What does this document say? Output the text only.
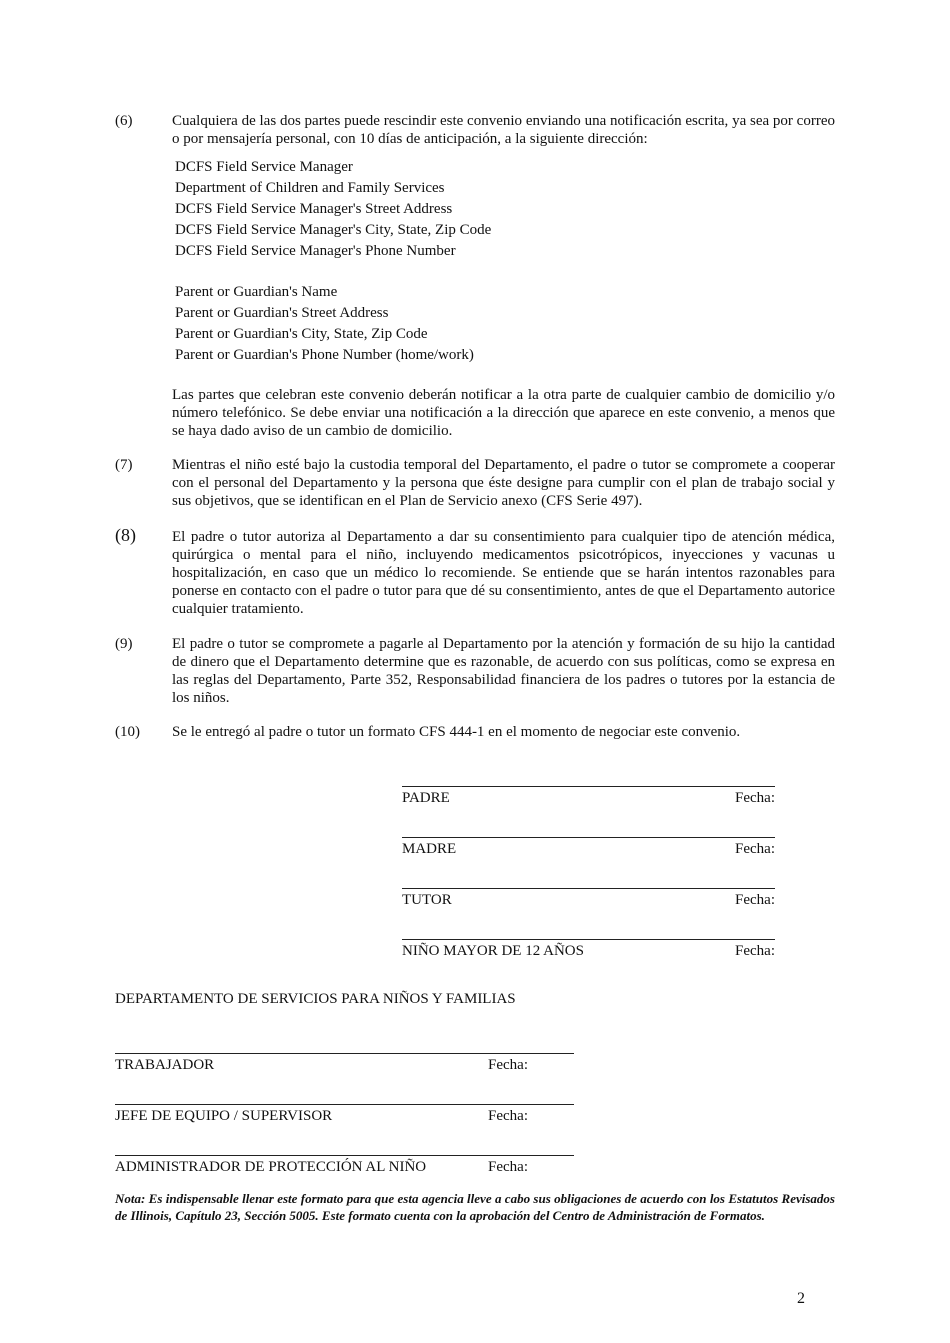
(6)	Cualquiera de las dos partes puede rescindir este convenio enviando una notificación escrita, ya sea por correo o por mensajería personal, con 10 días de anticipación, a la siguiente dirección:
DCFS Field Service Manager
Department of Children and Family Services
DCFS Field Service Manager's Street Address
DCFS Field Service Manager's City, State, Zip Code
DCFS Field Service Manager's Phone Number
Parent or Guardian's Name
Parent or Guardian's Street Address
Parent or Guardian's City, State, Zip Code
Parent or Guardian's Phone Number (home/work)
Las partes que celebran este convenio deberán notificar a la otra parte de cualquier cambio de domicilio y/o número telefónico. Se debe enviar una notificación a la dirección que aparece en este convenio, a menos que se haya dado aviso de un cambio de domicilio.
(7)	Mientras el niño esté bajo la custodia temporal del Departamento, el padre o tutor se compromete a cooperar con el personal del Departamento y la persona que éste designe para cumplir con el plan de trabajo social y sus objetivos, que se identifican en el Plan de Servicio anexo (CFS Serie 497).
(8) El padre o tutor autoriza al Departamento a dar su consentimiento para cualquier tipo de atención médica, quirúrgica o mental para el niño, incluyendo medicamentos psicotrópicos, inyecciones y vacunas u hospitalización, en caso que un médico lo recomiende. Se entiende que se harán intentos razonables para ponerse en contacto con el padre o tutor para que dé su consentimiento, antes de que el Departamento autorice cualquier tratamiento.
(9)	El padre o tutor se compromete a pagarle al Departamento por la atención y formación de su hijo la cantidad de dinero que el Departamento determine que es razonable, de acuerdo con sus políticas, como se expresa en las reglas del Departamento, Parte 352, Responsabilidad financiera de los padres o tutores por la estancia de los niños.
(10) Se le entregó al padre o tutor un formato CFS 444-1 en el momento de negociar este convenio.
PADRE	Fecha:
MADRE	Fecha:
TUTOR	Fecha:
NIÑO MAYOR DE 12 AÑOS	Fecha:
DEPARTAMENTO DE SERVICIOS PARA NIÑOS Y FAMILIAS
TRABAJADOR	Fecha:
JEFE DE EQUIPO / SUPERVISOR	Fecha:
ADMINISTRADOR DE PROTECCIÓN AL NIÑO	Fecha:
Nota: Es indispensable llenar este formato para que esta agencia lleve a cabo sus obligaciones de acuerdo con los Estatutos Revisados de Illinois, Capítulo 23, Sección 5005. Este formato cuenta con la aprobación del Centro de Administración de Formatos.
2
